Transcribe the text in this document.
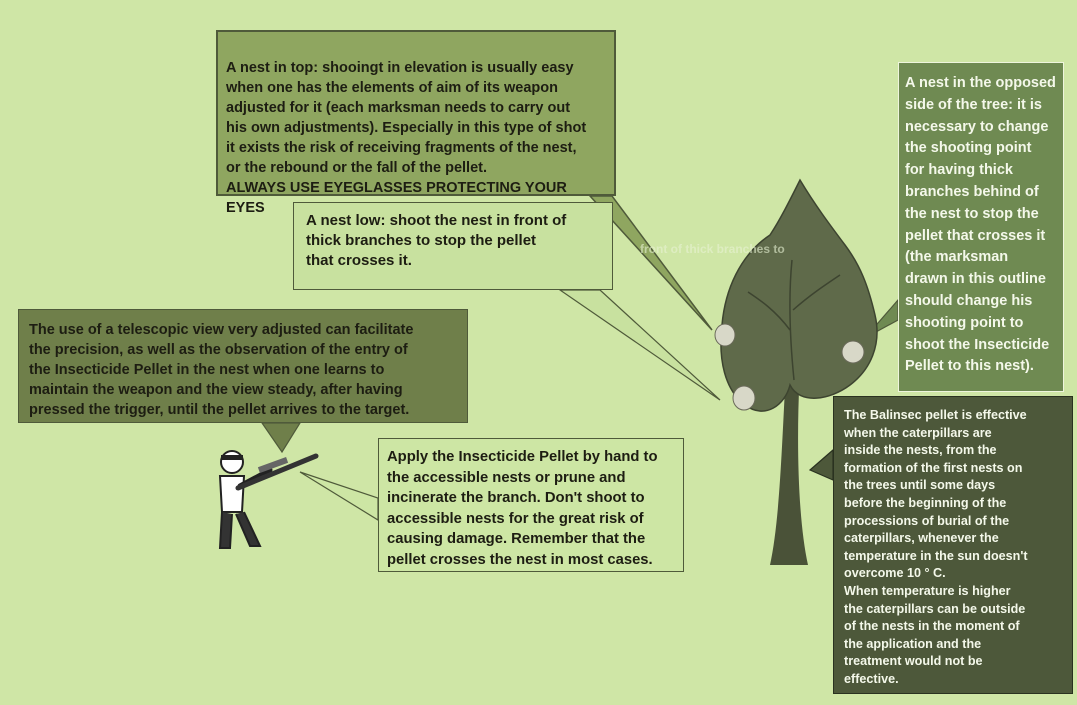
front of thick branches to

A nest in top: shooingt in elevation is usually easy
when one has the elements of aim of its weapon
adjusted for it (each marksman needs to carry out
his own adjustments). Especially in this type of shot
it exists the risk of receiving fragments of the nest,
or the rebound or the fall of the pellet.

ALWAYS USE EYEGLASSES PROTECTING YOUR EYES

A nest low: shoot the nest in front of
thick branches to stop the pellet
that crosses it.
The use of a telescopic view very adjusted can facilitate
the precision, as well as the observation of the entry of
the Insecticide Pellet in the nest when one learns to
maintain the weapon and the view steady, after having
pressed the trigger, until the pellet arrives to the target.
Apply the Insecticide Pellet by hand to
the accessible nests or prune and
incinerate the branch. Don't shoot to
accessible nests for the great risk of
causing damage. Remember that the
pellet crosses the nest in most cases.
A nest in the opposed
side of the tree: it is
necessary to change
the shooting point
for having thick
branches behind of
the nest to stop the
pellet that crosses it
(the marksman
drawn in this outline
should change his
shooting point to
shoot the Insecticide
Pellet to this nest).
The Balinsec pellet is effective
when the caterpillars are
inside the nests, from the
formation of the first nests on
the trees until some days
before the beginning of the
processions of burial of the
caterpillars, whenever the
temperature in the sun doesn't
overcome 10 ° C.
When temperature is higher
the caterpillars can be outside
of the nests in the moment of
the application and the
treatment would not be
effective.
